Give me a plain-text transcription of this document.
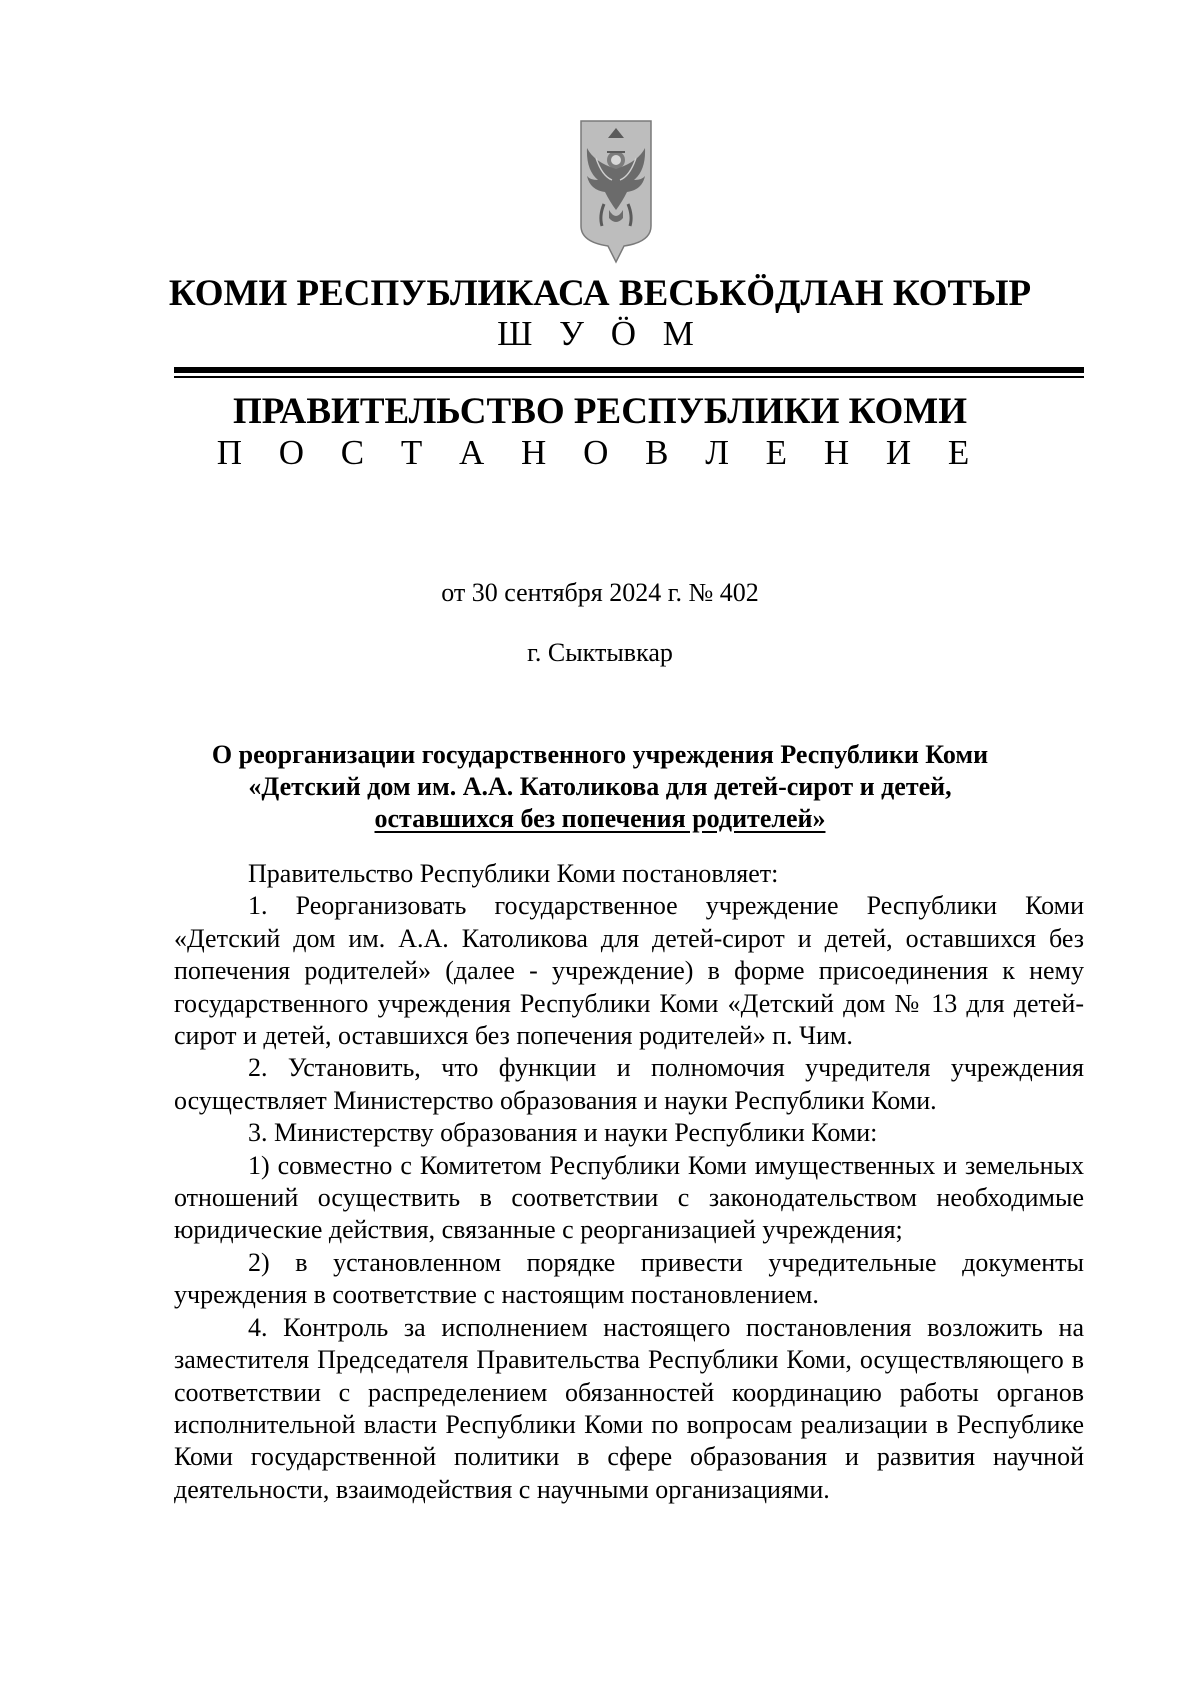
КОМИ РЕСПУБЛИКАСА ВЕСЬКӦДЛАН КОТЫР
Ш У Ӧ М
ПРАВИТЕЛЬСТВО РЕСПУБЛИКИ КОМИ
П О С Т А Н О В Л Е Н И Е
от 30 сентября 2024 г. № 402
г. Сыктывкар
О реорганизации государственного учреждения Республики Коми
«Детский дом им. А.А. Католикова для детей-сирот и детей,
оставшихся без попечения родителей»

Правительство Республики Коми постановляет:

1. Реорганизовать государственное учреждение Республики Коми «Детский дом им. А.А. Католикова для детей-сирот и детей, оставшихся без попечения родителей» (далее - учреждение) в форме присоединения к нему государственного учреждения Республики Коми «Детский дом № 13 для детей-сирот и детей, оставшихся без попечения родителей» п. Чим.

2. Установить, что функции и полномочия учредителя учреждения осуществляет Министерство образования и науки Республики Коми.

3. Министерству образования и науки Республики Коми:

1) совместно с Комитетом Республики Коми имущественных и земельных отношений осуществить в соответствии с законодательством необходимые юридические действия, связанные с реорганизацией учреждения;

2) в установленном порядке привести учредительные документы учреждения в соответствие с настоящим постановлением.

4. Контроль за исполнением настоящего постановления возложить на заместителя Председателя Правительства Республики Коми, осуществляющего в соответствии с распределением обязанностей координацию работы органов исполнительной власти Республики Коми по вопросам реализации в Республике Коми государственной политики в сфере образования и развития научной деятельности, взаимодействия с научными организациями.
